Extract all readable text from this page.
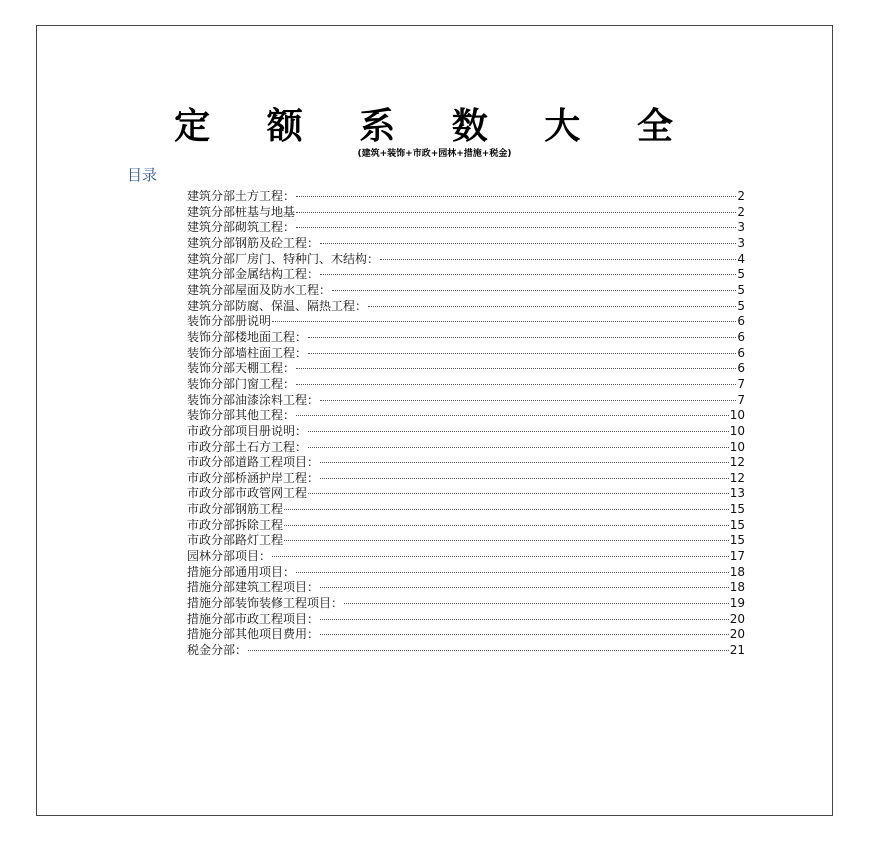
定 额 系 数 大 全
(建筑+装饰+市政+园林+措施+税金)
目录
建筑分部土方工程：	2
建筑分部桩基与地基	2
建筑分部砌筑工程：	3
建筑分部钢筋及砼工程：	3
建筑分部厂房门、特种门、木结构：	4
建筑分部金属结构工程：	5
建筑分部屋面及防水工程：	5
建筑分部防腐、保温、隔热工程：	5
装饰分部册说明	6
装饰分部楼地面工程：	6
装饰分部墙柱面工程：	6
装饰分部天棚工程：	6
装饰分部门窗工程：	7
装饰分部油漆涂料工程：	7
装饰分部其他工程：	10
市政分部项目册说明：	10
市政分部土石方工程：	10
市政分部道路工程项目：	12
市政分部桥涵护岸工程：	12
市政分部市政管网工程	13
市政分部钢筋工程	15
市政分部拆除工程	15
市政分部路灯工程	15
园林分部项目：	17
措施分部通用项目：	18
措施分部建筑工程项目：	18
措施分部装饰装修工程项目：	19
措施分部市政工程项目：	20
措施分部其他项目费用：	20
税金分部：	21
